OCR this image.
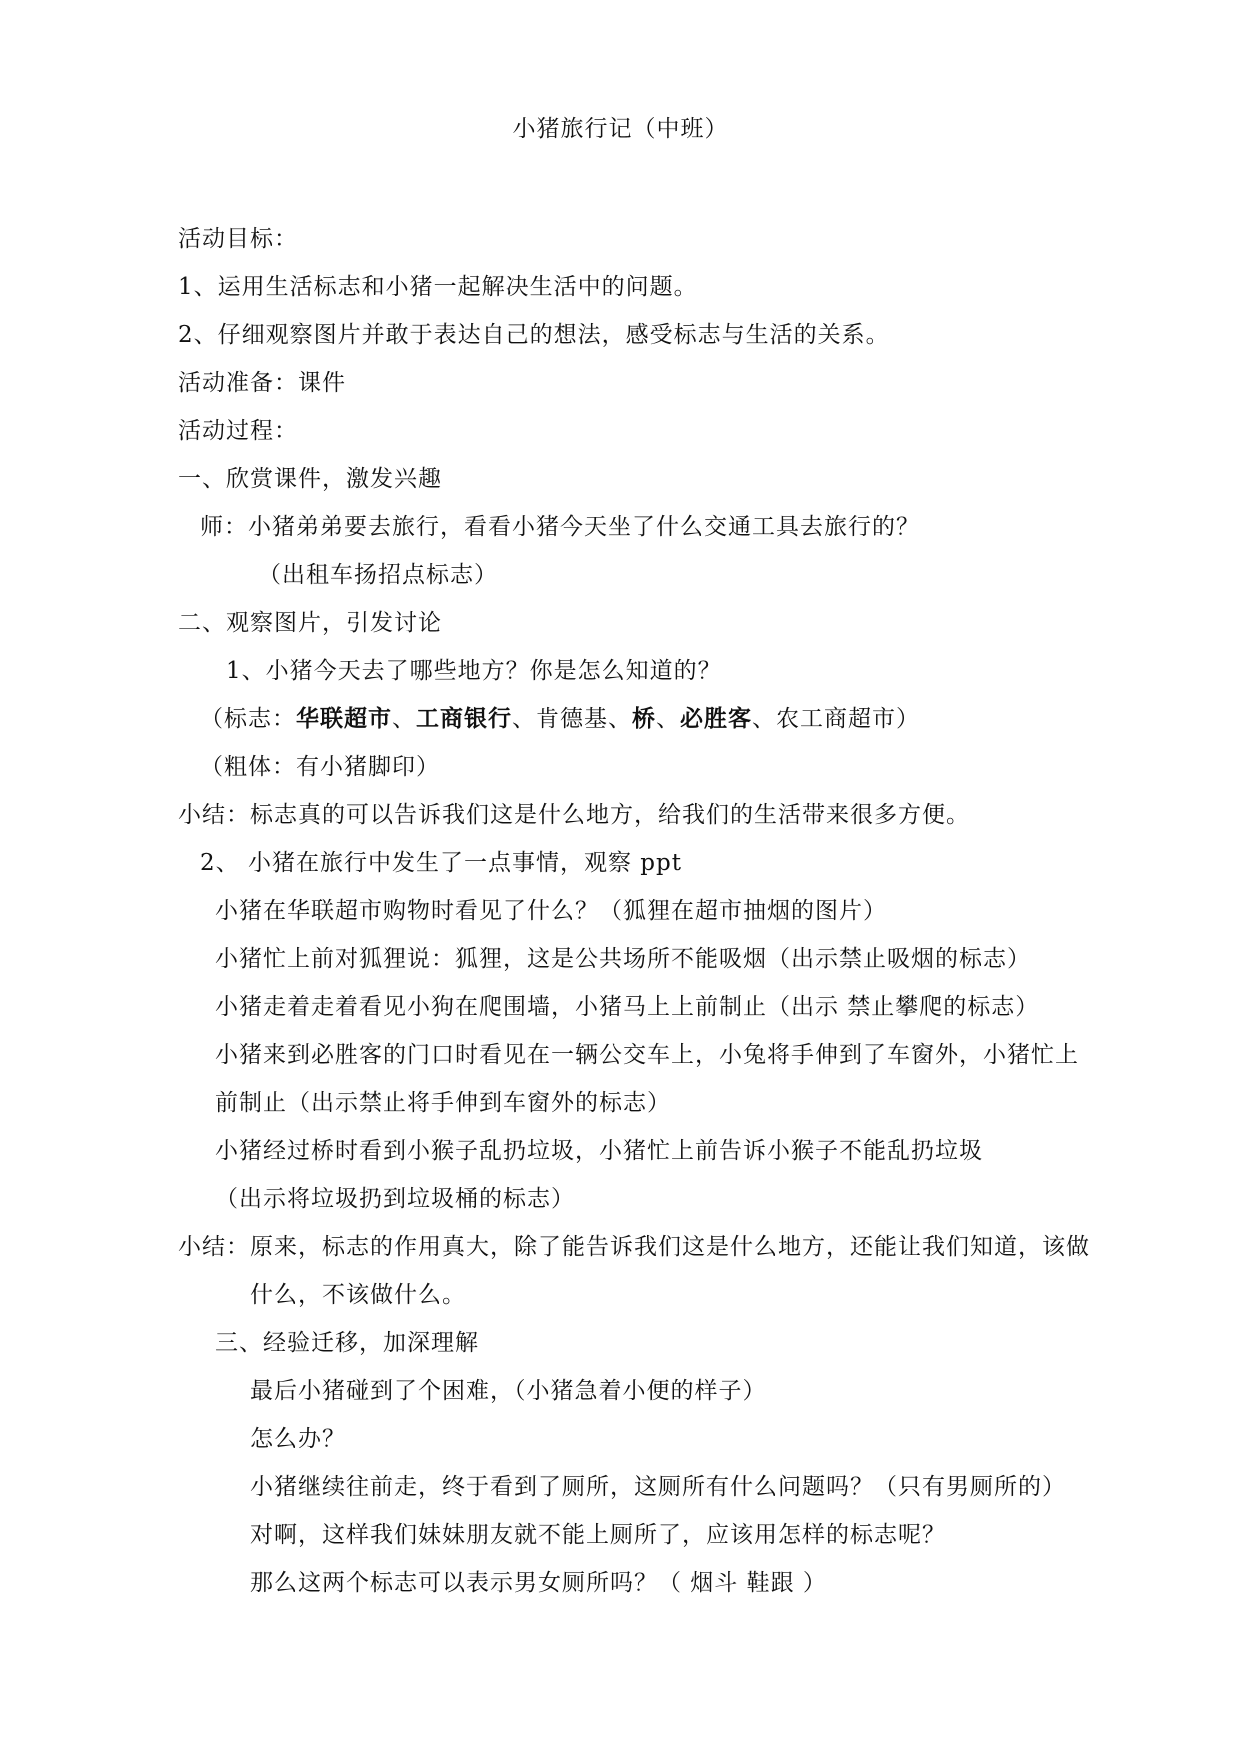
小猪旅行记（中班）
活动目标：
1、运用生活标志和小猪一起解决生活中的问题。
2、仔细观察图片并敢于表达自己的想法，感受标志与生活的关系。
活动准备：课件
活动过程：
一、欣赏课件，激发兴趣
师：小猪弟弟要去旅行，看看小猪今天坐了什么交通工具去旅行的？
（出租车扬招点标志）
二、观察图片，引发讨论
1、小猪今天去了哪些地方？你是怎么知道的？
（标志：华联超市、工商银行、肯德基、桥、必胜客、农工商超市）
（粗体：有小猪脚印）
小结：标志真的可以告诉我们这是什么地方，给我们的生活带来很多方便。
2、 小猪在旅行中发生了一点事情，观察 ppt
小猪在华联超市购物时看见了什么？（狐狸在超市抽烟的图片）
小猪忙上前对狐狸说：狐狸，这是公共场所不能吸烟（出示禁止吸烟的标志）
小猪走着走着看见小狗在爬围墙，小猪马上上前制止（出示 禁止攀爬的标志）
小猪来到必胜客的门口时看见在一辆公交车上，小兔将手伸到了车窗外，小猪忙上
前制止（出示禁止将手伸到车窗外的标志）
小猪经过桥时看到小猴子乱扔垃圾，小猪忙上前告诉小猴子不能乱扔垃圾
（出示将垃圾扔到垃圾桶的标志）
小结：原来，标志的作用真大，除了能告诉我们这是什么地方，还能让我们知道，该做
什么，不该做什么。
三、经验迁移，加深理解
最后小猪碰到了个困难，（小猪急着小便的样子）
怎么办？
小猪继续往前走，终于看到了厕所，这厕所有什么问题吗？（只有男厕所的）
对啊，这样我们妹妹朋友就不能上厕所了，应该用怎样的标志呢？
那么这两个标志可以表示男女厕所吗？（ 烟斗 鞋跟 ）
